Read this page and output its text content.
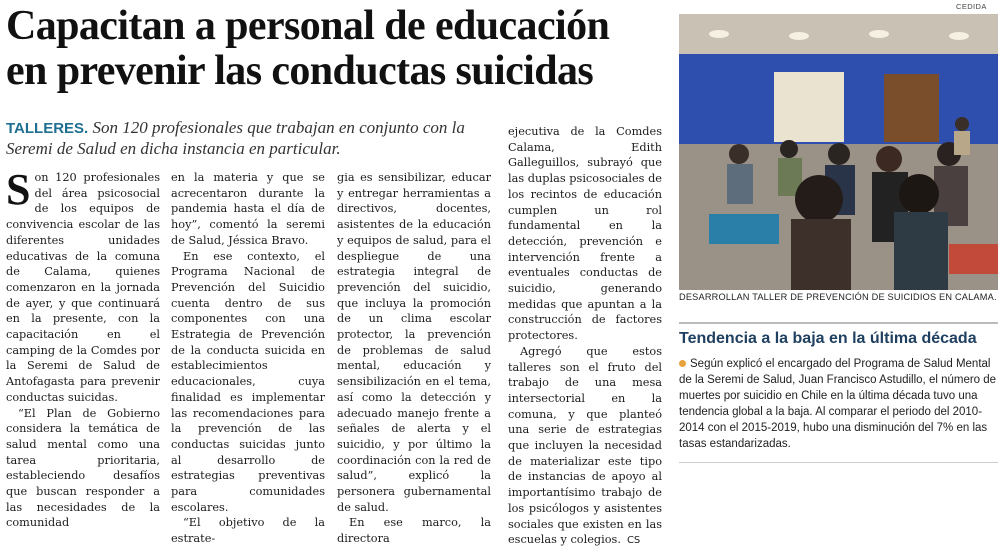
CEDIDA
Capacitan a personal de educación
en prevenir las conductas suicidas
TALLERES. Son 120 profesionales que trabajan en conjunto con la Seremi de Salud en dicha instancia en particular.
S on 120 profesionales del área psicosocial de los equipos de convivencia escolar de las diferentes unidades educativas de la comuna de Calama, quienes comenzaron en la jornada de ayer, y que continuará en la presente, con la capacitación en el camping de la Comdes por la Seremi de Salud de Antofagasta para prevenir conductas suicidas.

“El Plan de Gobierno considera la temática de salud mental como una tarea prioritaria, estableciendo desafíos que buscan responder a las necesidades de la comunidad

en la materia y que se acrecentaron durante la pandemia hasta el día de hoy”, comentó la seremi de Salud, Jéssica Bravo.

En ese contexto, el Programa Nacional de Prevención del Suicidio cuenta dentro de sus componentes con una Estrategia de Prevención de la conducta suicida en establecimientos educacionales, cuya finalidad es implementar las recomendaciones para la prevención de las conductas suicidas junto al desarrollo de estrategias preventivas para comunidades escolares.

“El objetivo de la estrate-

gia es sensibilizar, educar y entregar herramientas a directivos, docentes, asistentes de la educación y equipos de salud, para el despliegue de una estrategia integral de prevención del suicidio, que incluya la promoción de un clima escolar protector, la prevención de problemas de salud mental, educación y sensibilización en el tema, así como la detección y adecuado manejo frente a señales de alerta y el suicidio, y por último la coordinación con la red de salud”, explicó la personera gubernamental de salud.

En ese marco, la directora

ejecutiva de la Comdes Calama, Edith Galleguillos, subrayó que las duplas psicosociales de los recintos de educación cumplen un rol fundamental en la detección, prevención e intervención frente a eventuales conductas de suicidio, generando medidas que apuntan a la construcción de factores protectores.

Agregó que estos talleres son el fruto del trabajo de una mesa intersectorial en la comuna, y que planteó una serie de estrategias que incluyen la necesidad de materializar este tipo de instancias de apoyo al importantísimo trabajo de los psicólogos y asistentes sociales que existen en las escuelas y colegios. CS

DESARROLLAN TALLER DE PREVENCIÓN DE SUICIDIOS EN CALAMA.
Tendencia a la baja en la última década
Según explicó el encargado del Programa de Salud Mental de la Seremi de Salud, Juan Francisco Astudillo, el número de muertes por suicidio en Chile en la última década tuvo una tendencia global a la baja. Al comparar el periodo del 2010-2014 con el 2015-2019, hubo una disminución del 7% en las tasas estandarizadas.
